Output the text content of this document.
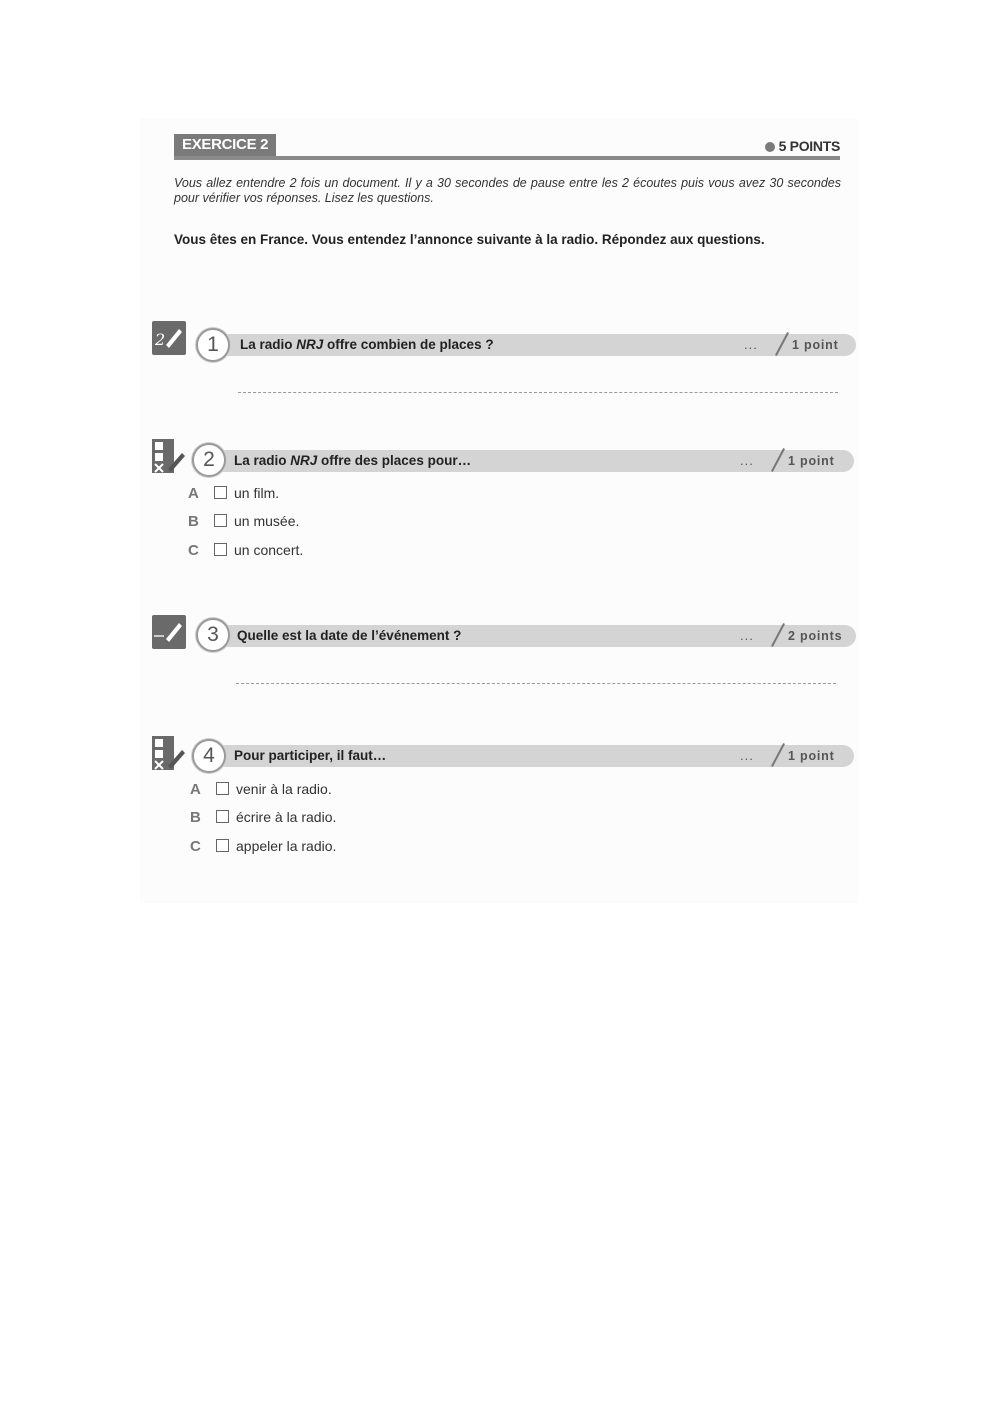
EXERCICE 2	5 POINTS
Vous allez entendre 2 fois un document. Il y a 30 secondes de pause entre les 2 écoutes puis vous avez 30 secondes pour vérifier vos réponses. Lisez les questions.
Vous êtes en France. Vous entendez l’annonce suivante à la radio. Répondez aux questions.
2	1	La radio NRJ offre combien de places ?	...	1 point
2	La radio NRJ offre des places pour…	...	1 point
A	un film.
B	un musée.
C	un concert.
3	Quelle est la date de l’événement ?	...	2 points
4	Pour participer, il faut…	...	1 point
A	venir à la radio.
B	écrire à la radio.
C	appeler la radio.
